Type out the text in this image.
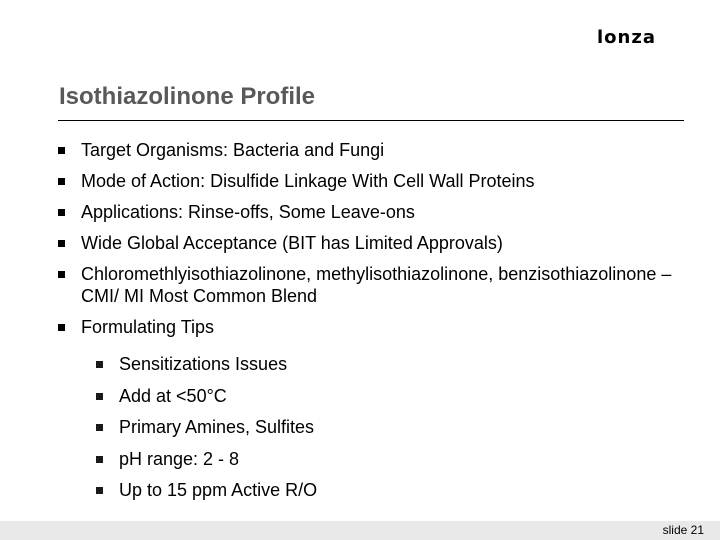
lonza
Isothiazolinone Profile
Target Organisms: Bacteria and Fungi
Mode of Action: Disulfide Linkage With Cell Wall Proteins
Applications: Rinse-offs, Some Leave-ons
Wide Global Acceptance (BIT has Limited Approvals)
Chloromethlyisothiazolinone, methylisothiazolinone, benzisothiazolinone – CMI/ MI Most Common Blend
Formulating Tips
Sensitizations Issues
Add at <50°C
Primary Amines, Sulfites
pH range: 2 - 8
Up to 15 ppm Active R/O
slide 21
